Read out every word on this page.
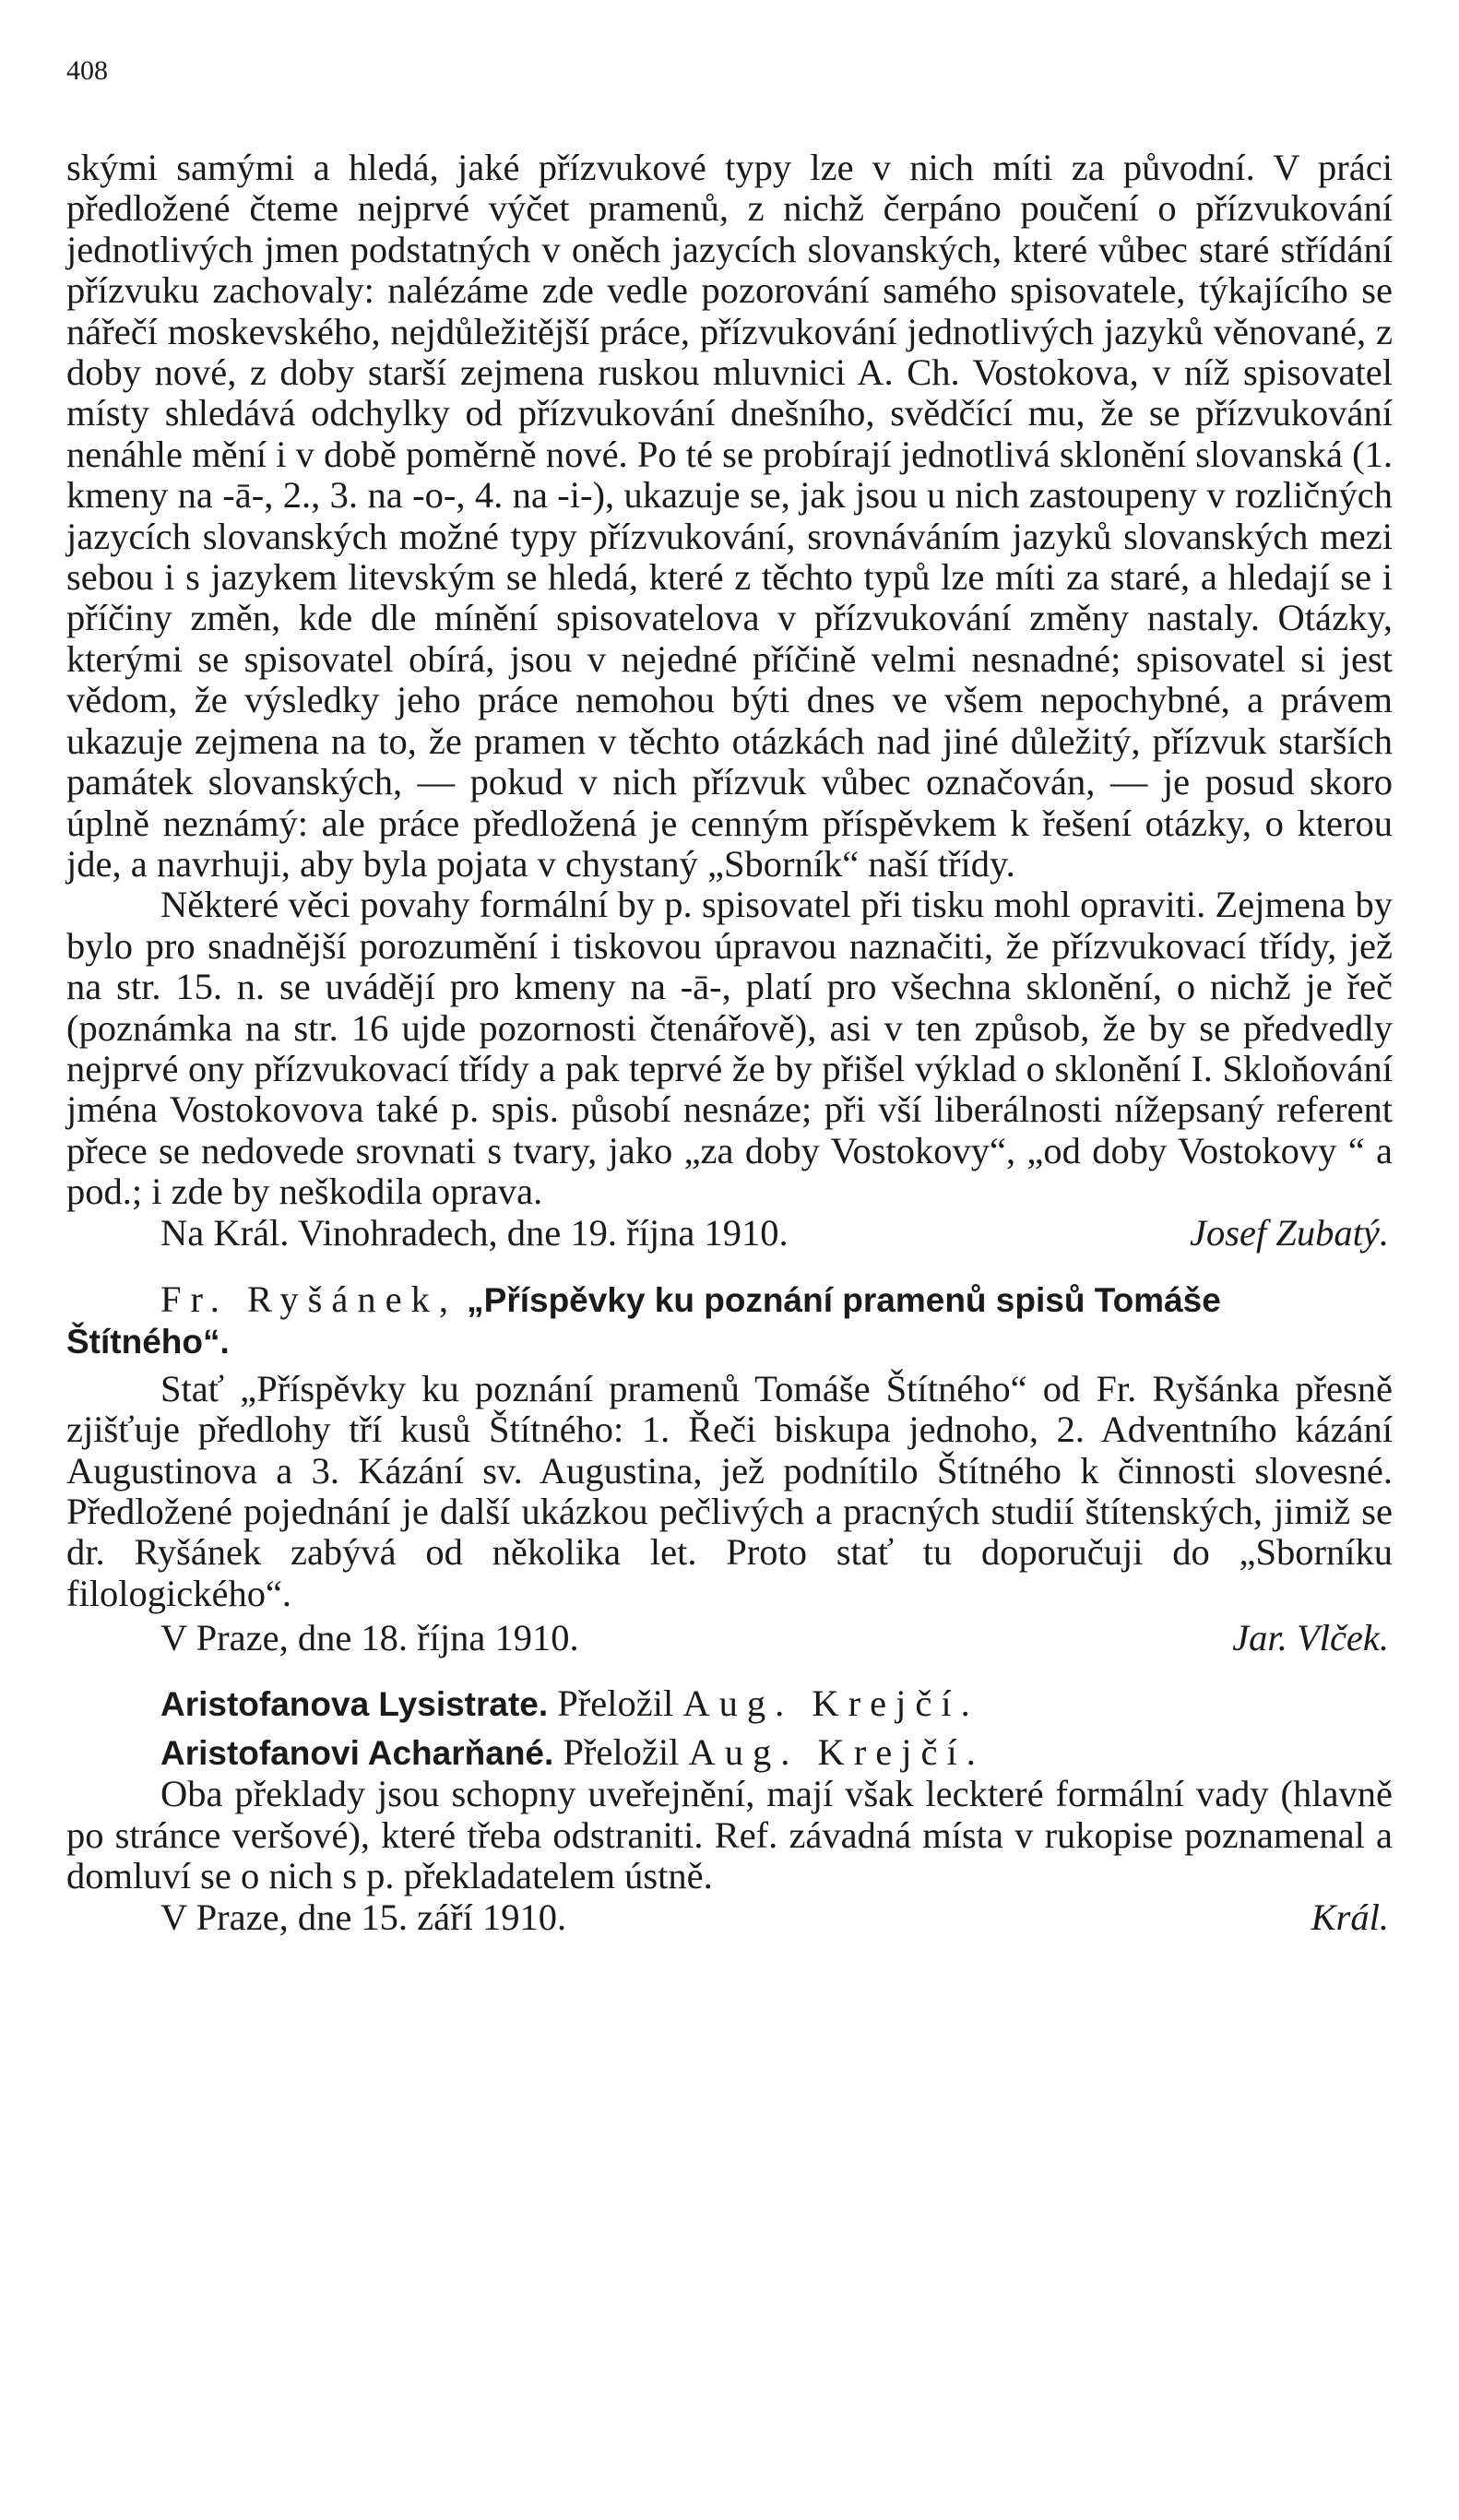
408

skými samými a hledá, jaké přízvukové typy lze v nich míti za původní. V práci předložené čteme nejprvé výčet pramenů, z nichž čerpáno poučení o přízvukování jednotlivých jmen podstatných v oněch jazycích slovanských, které vůbec staré střídání přízvuku zachovaly: nalézáme zde vedle pozorování samého spisovatele, týkajícího se nářečí moskevského, nejdůležitější práce, přízvukování jednotlivých jazyků věnované, z doby nové, z doby starší zejmena ruskou mluvnici A. Ch. Vostokova, v níž spisovatel místy shledává odchylky od přízvukování dnešního, svědčící mu, že se přízvukování nenáhle mění i v době poměrně nové. Po té se probírají jednotlivá sklonění slovanská (1. kmeny na -ā-, 2., 3. na -o-, 4. na -i-), ukazuje se, jak jsou u nich zastoupeny v rozličných jazycích slovanských možné typy přízvukování, srovnáváním jazyků slovanských mezi sebou i s jazykem litevským se hledá, které z těchto typů lze míti za staré, a hledají se i příčiny změn, kde dle mínění spisovatelova v přízvukování změny nastaly. Otázky, kterými se spisovatel obírá, jsou v nejedné příčině velmi nesnadné; spisovatel si jest vědom, že výsledky jeho práce nemohou býti dnes ve všem nepochybné, a právem ukazuje zejmena na to, že pramen v těchto otázkách nad jiné důležitý, přízvuk starších památek slovanských, — pokud v nich přízvuk vůbec označován, — je posud skoro úplně neznámý: ale práce předložená je cenným příspěvkem k řešení otázky, o kterou jde, a navrhuji, aby byla pojata v chystaný „Sborník“ naší třídy.

Některé věci povahy formální by p. spisovatel při tisku mohl opraviti. Zejmena by bylo pro snadnější porozumění i tiskovou úpravou naznačiti, že přízvukovací třídy, jež na str. 15. n. se uvádějí pro kmeny na -ā-, platí pro všechna sklonění, o nichž je řeč (poznámka na str. 16 ujde pozornosti čtenářově), asi v ten způsob, že by se předvedly nejprvé ony přízvukovací třídy a pak teprvé že by přišel výklad o sklonění I. Skloňování jména Vostokovova také p. spis. působí nesnáze; při vší liberálnosti nížepsaný referent přece se nedovede srovnati s tvary, jako „za doby Vostokovy“, „od doby Vostokovy “ a pod.; i zde by neškodila oprava.

Na Král. Vinohradech, dne 19. října 1910.	Josef Zubatý.

Fr. Ryšánek, „Příspěvky ku poznání pramenů spisů Tomáše Štítného“.

Stať „Příspěvky ku poznání pramenů Tomáše Štítného“ od Fr. Ryšánka přesně zjišťuje předlohy tří kusů Štítného: 1. Řeči biskupa jednoho, 2. Adventního kázání Augustinova a 3. Kázání sv. Augustina, jež podnítilo Štítného k činnosti slovesné. Předložené pojednání je další ukázkou pečlivých a pracných studií štítenských, jimiž se dr. Ryšánek zabývá od několika let. Proto stať tu doporučuji do „Sborníku filologického“.

V Praze, dne 18. října 1910.	Jar. Vlček.

Aristofanova Lysistrate. Přeložil Aug. Krejčí.

Aristofanovi Acharňané. Přeložil Aug. Krejčí.

Oba překlady jsou schopny uveřejnění, mají však leckteré formální vady (hlavně po stránce veršové), které třeba odstraniti. Ref. závadná místa v rukopise poznamenal a domluví se o nich s p. překladatelem ústně.

V Praze, dne 15. září 1910.	Král.
